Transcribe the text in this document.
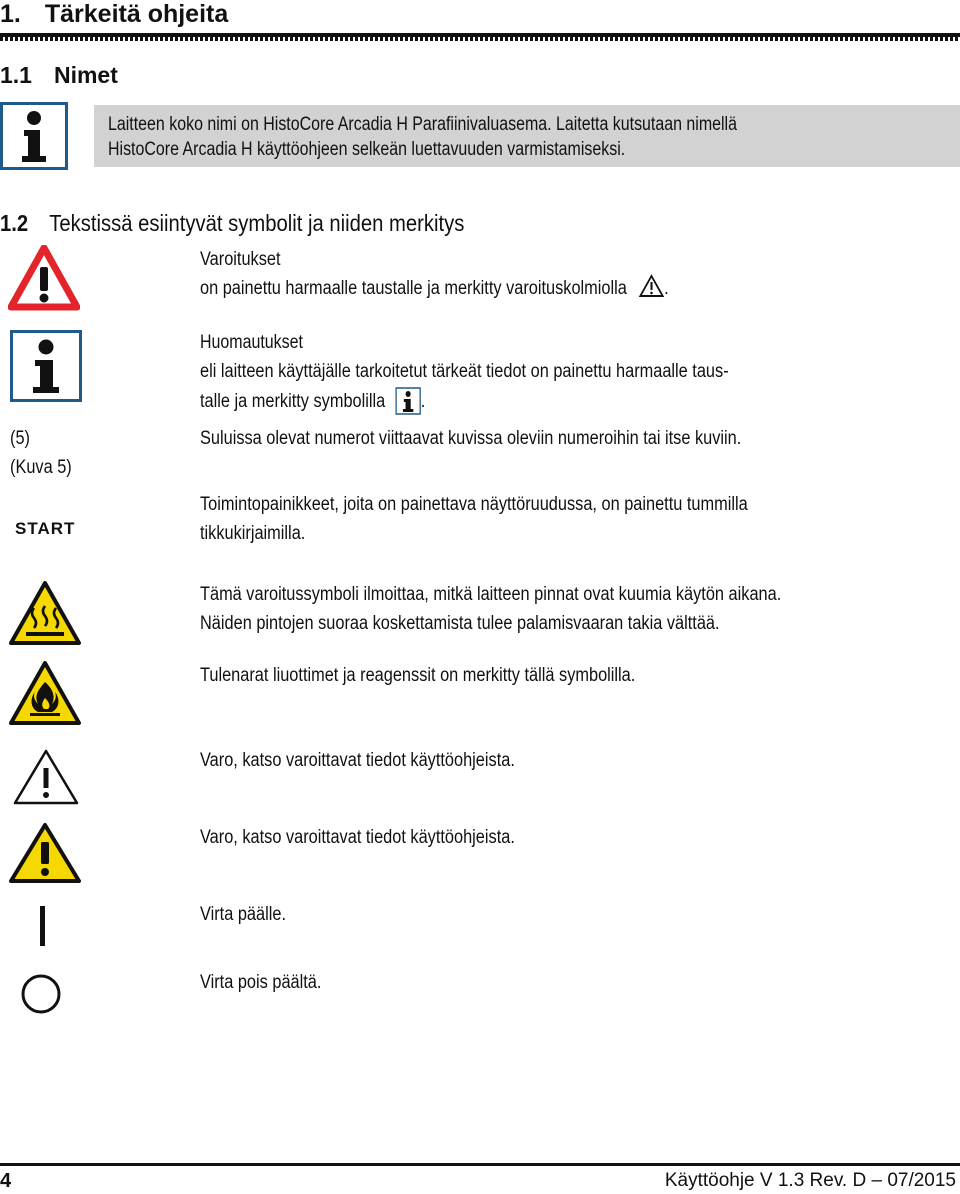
1. Tärkeitä ohjeita
1.1 Nimet
Laitteen koko nimi on HistoCore Arcadia H Parafiinivaluasema. Laitetta kutsutaan nimellä
HistoCore Arcadia H käyttöohjeen selkeän luettavuuden varmistamiseksi.
1.2 Tekstissä esiintyvät symbolit ja niiden merkitys
Varoitukset
on painettu harmaalle taustalle ja merkitty varoituskolmiolla .
Huomautukset
eli laitteen käyttäjälle tarkoitetut tärkeät tiedot on painettu harmaalle taus-
talle ja merkitty symbolilla .
(5)
(Kuva 5)
Suluissa olevat numerot viittaavat kuvissa oleviin numeroihin tai itse kuviin.
START
Toimintopainikkeet, joita on painettava näyttöruudussa, on painettu tummilla
tikkukirjaimilla.
Tämä varoitussymboli ilmoittaa, mitkä laitteen pinnat ovat kuumia käytön aikana.
Näiden pintojen suoraa koskettamista tulee palamisvaaran takia välttää.
Tulenarat liuottimet ja reagenssit on merkitty tällä symbolilla.
Varo, katso varoittavat tiedot käyttöohjeista.
Varo, katso varoittavat tiedot käyttöohjeista.
Virta päälle.
Virta pois päältä.
4	Käyttöohje V 1.3 Rev. D – 07/2015
